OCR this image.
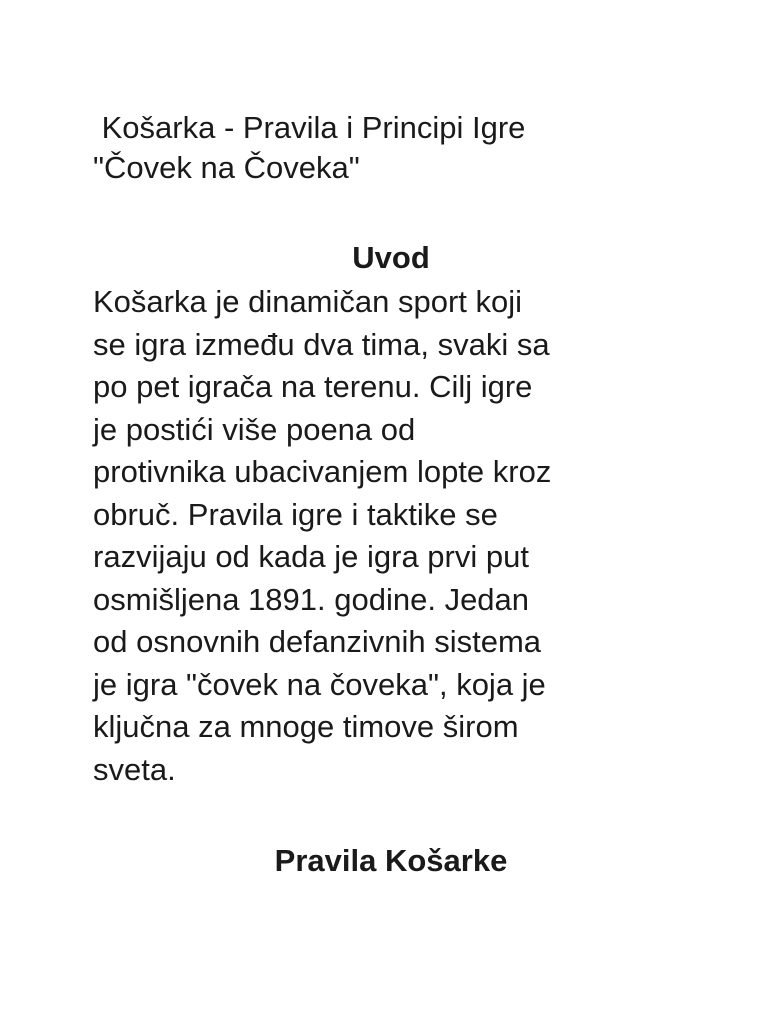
Košarka - Pravila i Principi Igre
"Čovek na Čoveka"
Uvod

Košarka je dinamičan sport koji
se igra između dva tima, svaki sa
po pet igrača na terenu. Cilj igre
je postići više poena od
protivnika ubacivanjem lopte kroz
obruč. Pravila igre i taktike se
razvijaju od kada je igra prvi put
osmišljena 1891. godine. Jedan
od osnovnih defanzivnih sistema
je igra "čovek na čoveka", koja je
ključna za mnoge timove širom
sveta.

Pravila Košarke
